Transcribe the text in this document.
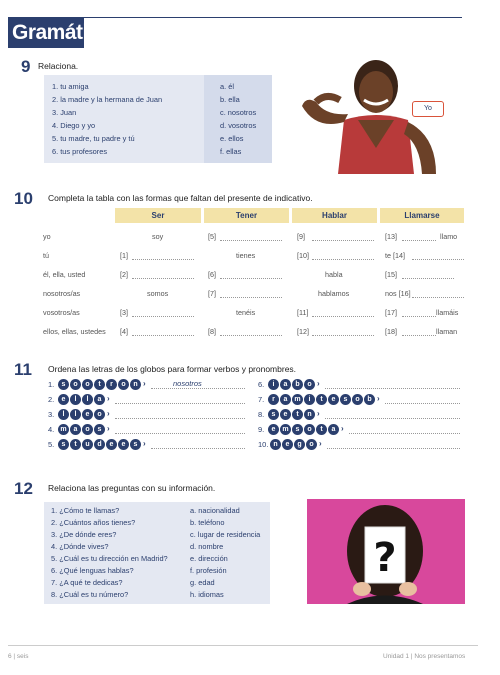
Gramática
9 Relaciona.
1. tu amiga
2. la madre y la hermana de Juan
3. Juan
4. Diego y yo
5. tu madre, tu padre y tú
6. tus profesores
a. él
b. ella
c. nosotros
d. vosotros
e. ellos
f. ellas
Yo
10 Completa la tabla con las formas que faltan del presente de indicativo.
Ser	Tener	Hablar	Llamarse
yo	soy	[5]	[9]	[13]	llamo
tú	[1]	tienes	[10]	te [14]
él, ella, usted	[2]	[6]	habla	[15]
nosotros/as	somos	[7]	hablamos	nos [16]
vosotros/as	[3]	tenéis	[11]	[17]	llamáis
ellos, ellas, ustedes [4]	[8]	[12]	[18]	llaman
11 Ordena las letras de los globos para formar verbos y pronombres.
1.	s	o	o	t	r	o	n ›	nosotros
2.	e	l	l	a ›
3.	l	l	e	o ›
4. m a	o	s ›
5.	s	t	u	d	e	e	s ›
6.	i	a	b	o ›
7.	r	a m	i	t	e	s	o	b ›
8.	s	e	t	n ›
9.	e m s	o	t	a ›
10. n	e	g	o ›
12 Relaciona las preguntas con su información.
1. ¿Cómo te llamas?
2. ¿Cuántos años tienes?
3. ¿De dónde eres?
4. ¿Dónde vives?
5. ¿Cuál es tu dirección en Madrid?
6. ¿Qué lenguas hablas?
7. ¿A qué te dedicas?
8. ¿Cuál es tu número?
a. nacionalidad
b. teléfono
c. lugar de residencia
d. nombre
e. dirección
f. profesión
g. edad
h. idiomas
?
6 | seis	Unidad 1 | Nos presentamos
